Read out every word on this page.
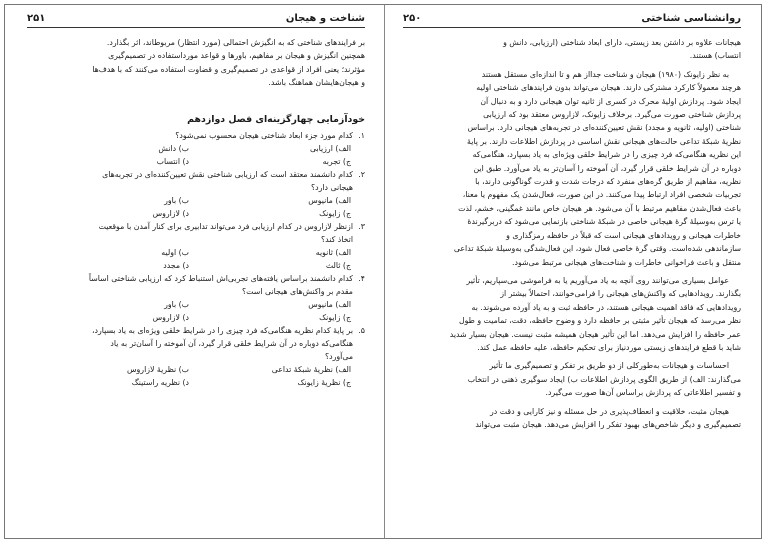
شناخت و هیجان
۲۵۱

بر فرایندهای شناختی که به انگیزش احتمالی (مورد انتظار) مربوطاند، اثر بگذارد.

همچنین انگیزش و هیجان بر مفاهیم، باورها و قواعد مورداستفاده در تصمیم‌گیری

مؤثرند؛ یعنی افراد از قواعدی در تصمیم‌گیری و قضاوت استفاده می‌کنند که با هدف‌ها

و هیجان‌هایشان هماهنگ باشد.

خودآزمایی چهارگزینه‌ای فصل دوازدهم

۱.کدام مورد جزء ابعاد شناختی هیجان محسوب نمی‌شود؟

الف) ارزیابی
ب) دانش
ج) تجربه
د) انتساب

۲.کدام دانشمند معتقد است که ارزیابی شناختی نقش تعیین‌کننده‌ای در تجربه‌های

هیجانی دارد؟

الف) مانیوس
ب) باور
ج) زایونک
د) لازاروس

۳.ازنظر لازاروس در کدام ارزیابی فرد می‌تواند تدابیری برای کنار آمدن با موقعیت

اتخاذ کند؟

الف) ثانویه
ب) اولیه
ج) ثالث
د) مجدد

۴.کدام دانشمند براساس یافته‌های تجربی‌اش استنباط کرد که ارزیابی شناختی اساساً

مقدم بر واکنش‌های هیجانی است؟

الف) مانیوس
ب) باور
ج) زایونک
د) لازاروس

۵.بر پایهٔ کدام نظریه هنگامی‌که فرد چیزی را در شرایط خلقی ویژه‌ای به یاد بسپارد،

هنگامی‌که دوباره در آن شرایط خلقی قرار گیرد، آن آموخته را آسان‌تر به یاد

می‌آورد؟

الف) نظریهٔ شبکهٔ تداعی
ب) نظریهٔ لازاروس
ج) نظریهٔ زایونک
د) نظریه راستینگ
روانشناسی شناختی
۲۵۰

هیجانات علاوه بر داشتن بعد زیستی، دارای ابعاد شناختی (ارزیابی، دانش و

انتساب) هستند.

به نظر زایونک (۱۹۸۰) هیجان و شناخت جدااز هم و تا اندازه‌ای مستقل هستند

هرچند معمولاً کارکرد مشترکی دارند. هیجان می‌تواند بدون فرایندهای شناختی اولیه

ایجاد شود. پردازش اولیهٔ محرک در کسری از ثانیه توان هیجانی دارد و به دنبال آن

پردازش شناختی صورت می‌گیرد. برخلاف زایونک، لازاروس معتقد بود که ارزیابی

شناختی (اولیه، ثانویه و مجدد) نقش تعیین‌کننده‌ای در تجربه‌های هیجانی دارد. براساس

نظریهٔ شبکهٔ تداعی حالت‌های هیجانی نقش اساسی در پردازش اطلاعات دارند. بر پایهٔ

این نظریه هنگامی‌که فرد چیزی را در شرایط خلقی ویژه‌ای به یاد بسپارد، هنگامی‌که

دوباره در آن شرایط خلقی قرار گیرد، آن آموخته را آسان‌تر به یاد می‌آورد. طبق این

نظریه، مفاهیم از طریق گره‌های منفرد که درجات شدت و قدرت گوناگونی دارند، با

تجربیات شخصی افراد ارتباط پیدا می‌کنند. در این صورت، فعال‌شدن یک مفهوم یا معنا،

باعث فعال‌شدن مفاهیم مرتبط با آن می‌شود. هر هیجان خاص مانند غمگینی، خشم، لذت

یا ترس به‌وسیلهٔ گرهٔ هیجانی خاصی در شبکهٔ شناختی بازنمایی می‌شود که دربرگیرندهٔ

خاطرات هیجانی و رویدادهای هیجانی است که قبلاً در حافظه رمزگذاری و

سازماندهی شده‌است. وقتی گرهٔ خاصی فعال شود، این فعال‌شدگی به‌وسیلهٔ شبکهٔ تداعی

منتقل و باعث فراخوانی خاطرات و شناخت‌های هیجانی مرتبط می‌شود.

عوامل بسیاری می‌توانند روی آنچه به یاد می‌آوریم یا به فراموشی می‌سپاریم، تأثیر

بگذارند. رویدادهایی که واکنش‌های هیجانی را فرامی‌خوانند، احتمالاً بیشتر از

رویدادهایی که فاقد اهمیت هیجانی هستند، در حافظه ثبت و به یاد آورده می‌شوند. به

نظر می‌رسد که هیجان تأثیر مثبتی بر حافظه دارد و وضوح حافظه، دقت، تمامیت و طول

عمر حافظه را افزایش می‌دهد. اما این تأثیر هیجان همیشه مثبت نیست. هیجان بسیار شدید

شاید با قطع فرایندهای زیستی موردنیاز برای تحکیم حافظه، علیه حافظه عمل کند.

احساسات و هیجانات به‌طورکلی از دو طریق بر تفکر و تصمیم‌گیری ما تأثیر

می‌گذارند: الف) از طریق الگوی پردازش اطلاعات ب) ایجاد سوگیری ذهنی در انتخاب

و تفسیر اطلاعاتی که پردازش براساس آن‌ها صورت می‌گیرد.

هیجان مثبت، خلاقیت و انعطاف‌پذیری در حل مسئله و نیز کارایی و دقت در

تصمیم‌گیری و دیگر شاخص‌های بهبود تفکر را افزایش می‌دهد. هیجان مثبت می‌تواند
